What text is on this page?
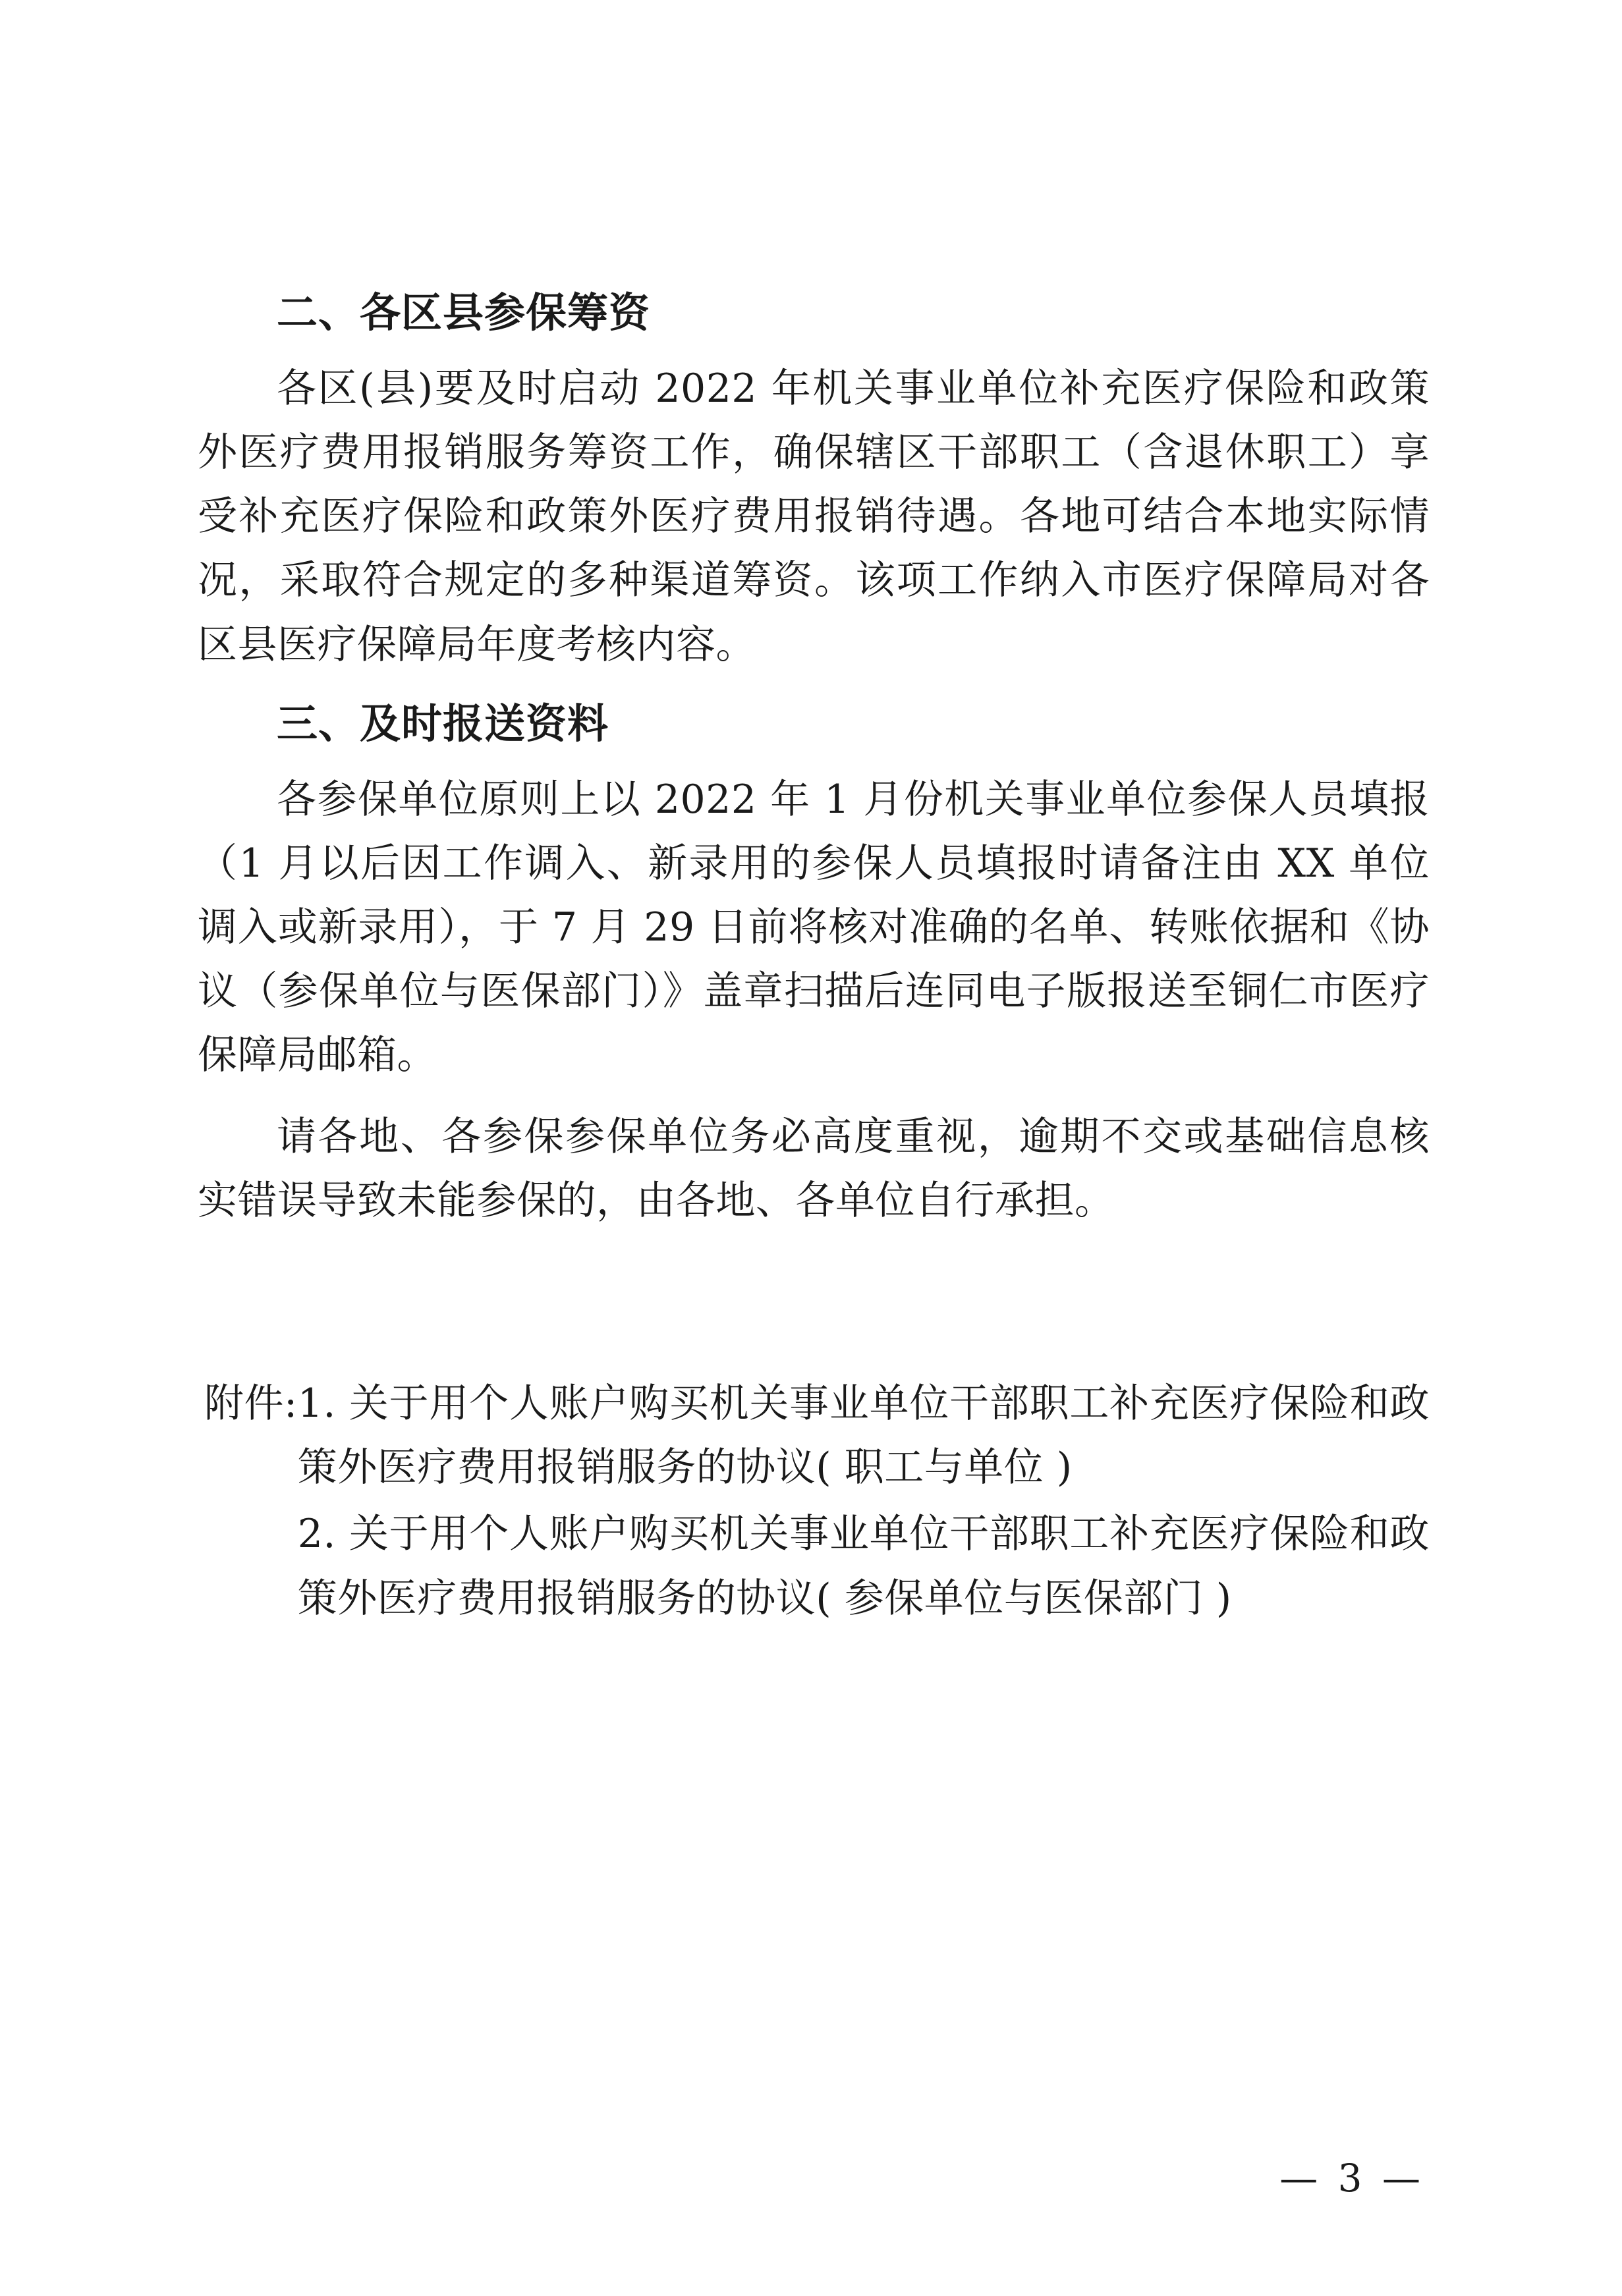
二、各区县参保筹资

各区(县)要及时启动 2022 年机关事业单位补充医疗保险和政策外医疗费用报销服务筹资工作，确保辖区干部职工（含退休职工）享受补充医疗保险和政策外医疗费用报销待遇。各地可结合本地实际情况，采取符合规定的多种渠道筹资。该项工作纳入市医疗保障局对各区县医疗保障局年度考核内容。

三、及时报送资料

各参保单位原则上以 2022 年 1 月份机关事业单位参保人员填报（1 月以后因工作调入、新录用的参保人员填报时请备注由 XX 单位调入或新录用），于 7 月 29 日前将核对准确的名单、转账依据和《协议（参保单位与医保部门）》盖章扫描后连同电子版报送至铜仁市医疗保障局邮箱。

请各地、各参保参保单位务必高度重视，逾期不交或基础信息核实错误导致未能参保的，由各地、各单位自行承担。

附件: 1. 关于用个人账户购买机关事业单位干部职工补充医疗保险和政策外医疗费用报销服务的协议( 职工与单位 )
2. 关于用个人账户购买机关事业单位干部职工补充医疗保险和政策外医疗费用报销服务的协议( 参保单位与医保部门 )
— 3 —
